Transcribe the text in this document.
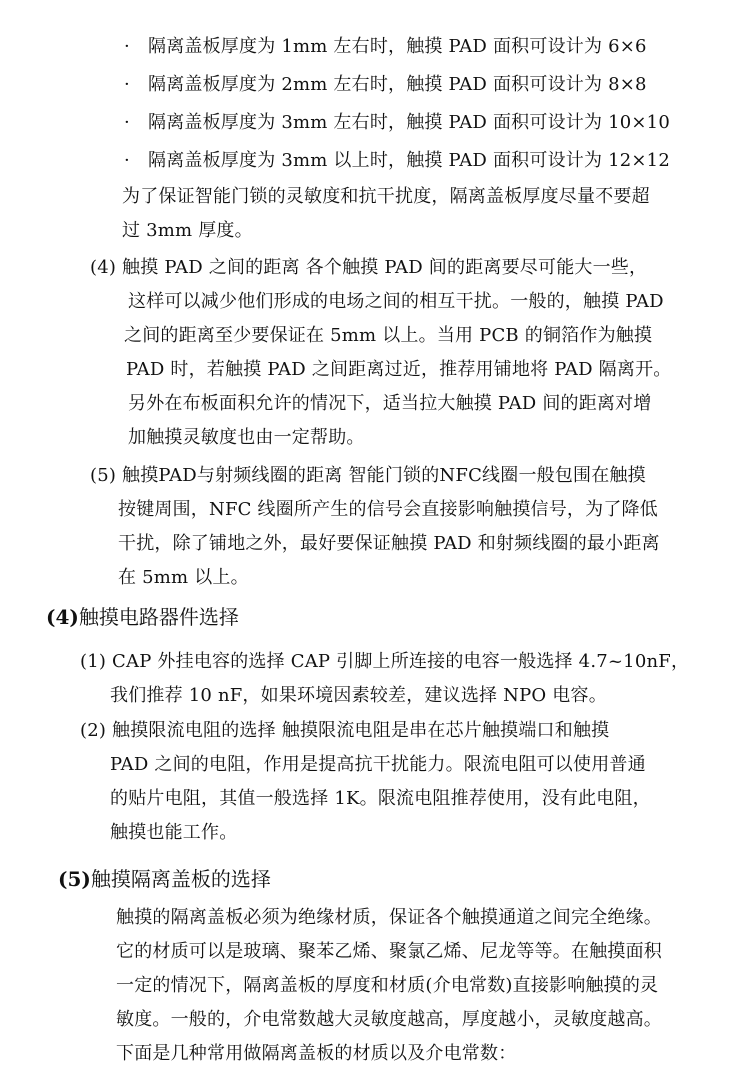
· 隔离盖板厚度为 1mm 左右时，触摸 PAD 面积可设计为 6×6
· 隔离盖板厚度为 2mm 左右时，触摸 PAD 面积可设计为 8×8
· 隔离盖板厚度为 3mm 左右时，触摸 PAD 面积可设计为 10×10
· 隔离盖板厚度为 3mm 以上时，触摸 PAD 面积可设计为 12×12
为了保证智能门锁的灵敏度和抗干扰度，隔离盖板厚度尽量不要超
过 3mm 厚度。
(4) 触摸 PAD 之间的距离 各个触摸 PAD 间的距离要尽可能大一些，
这样可以减少他们形成的电场之间的相互干扰。一般的，触摸 PAD
之间的距离至少要保证在 5mm 以上。当用 PCB 的铜箔作为触摸
PAD 时，若触摸 PAD 之间距离过近，推荐用铺地将 PAD 隔离开。
另外在布板面积允许的情况下，适当拉大触摸 PAD 间的距离对增
加触摸灵敏度也由一定帮助。
(5) 触摸PAD与射频线圈的距离 智能门锁的NFC线圈一般包围在触摸
按键周围，NFC 线圈所产生的信号会直接影响触摸信号，为了降低
干扰，除了铺地之外，最好要保证触摸 PAD 和射频线圈的最小距离
在 5mm 以上。
(4)触摸电路器件选择
(1) CAP 外挂电容的选择 CAP 引脚上所连接的电容一般选择 4.7~10nF，
我们推荐 10 nF，如果环境因素较差，建议选择 NPO 电容。
(2) 触摸限流电阻的选择 触摸限流电阻是串在芯片触摸端口和触摸
PAD 之间的电阻，作用是提高抗干扰能力。限流电阻可以使用普通
的贴片电阻，其值一般选择 1K。限流电阻推荐使用，没有此电阻，
触摸也能工作。
(5)触摸隔离盖板的选择
触摸的隔离盖板必须为绝缘材质，保证各个触摸通道之间完全绝缘。
它的材质可以是玻璃、聚苯乙烯、聚氯乙烯、尼龙等等。在触摸面积
一定的情况下，隔离盖板的厚度和材质(介电常数)直接影响触摸的灵
敏度。一般的，介电常数越大灵敏度越高，厚度越小，灵敏度越高。
下面是几种常用做隔离盖板的材质以及介电常数：
